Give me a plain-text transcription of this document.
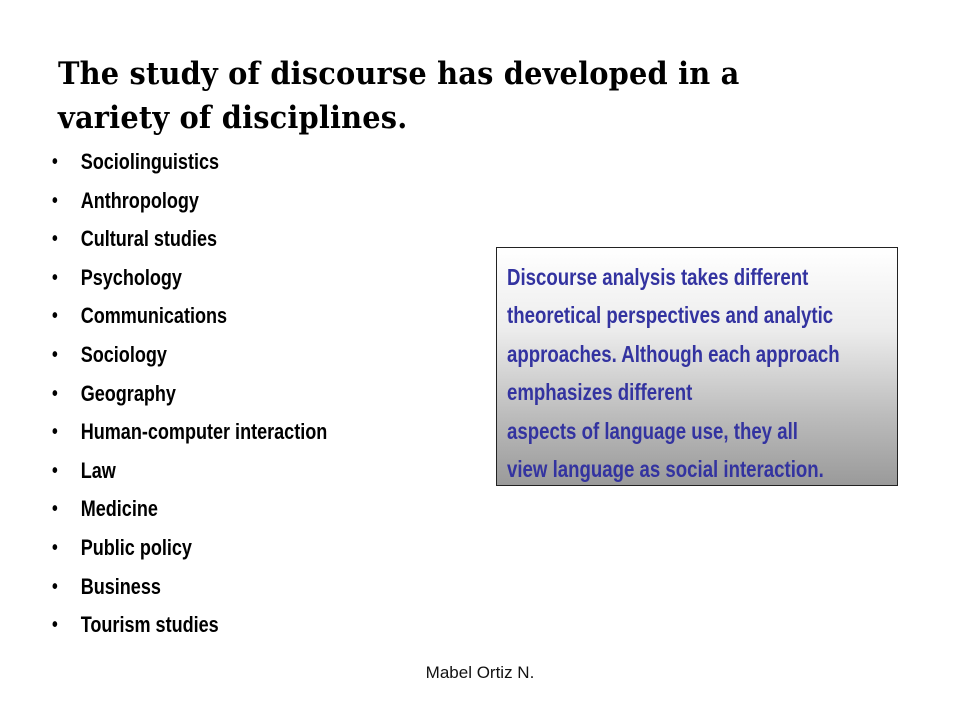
The study of discourse has developed in a variety of disciplines.
• Sociolinguistics
• Anthropology
• Cultural studies
• Psychology
• Communications
• Sociology
• Geography
• Human-computer interaction
• Law
• Medicine
• Public policy
• Business
• Tourism studies

Discourse analysis takes different
theoretical perspectives and analytic
approaches. Although each approach
emphasizes different
aspects of language use, they all
view language as social interaction.

Mabel Ortiz N.
